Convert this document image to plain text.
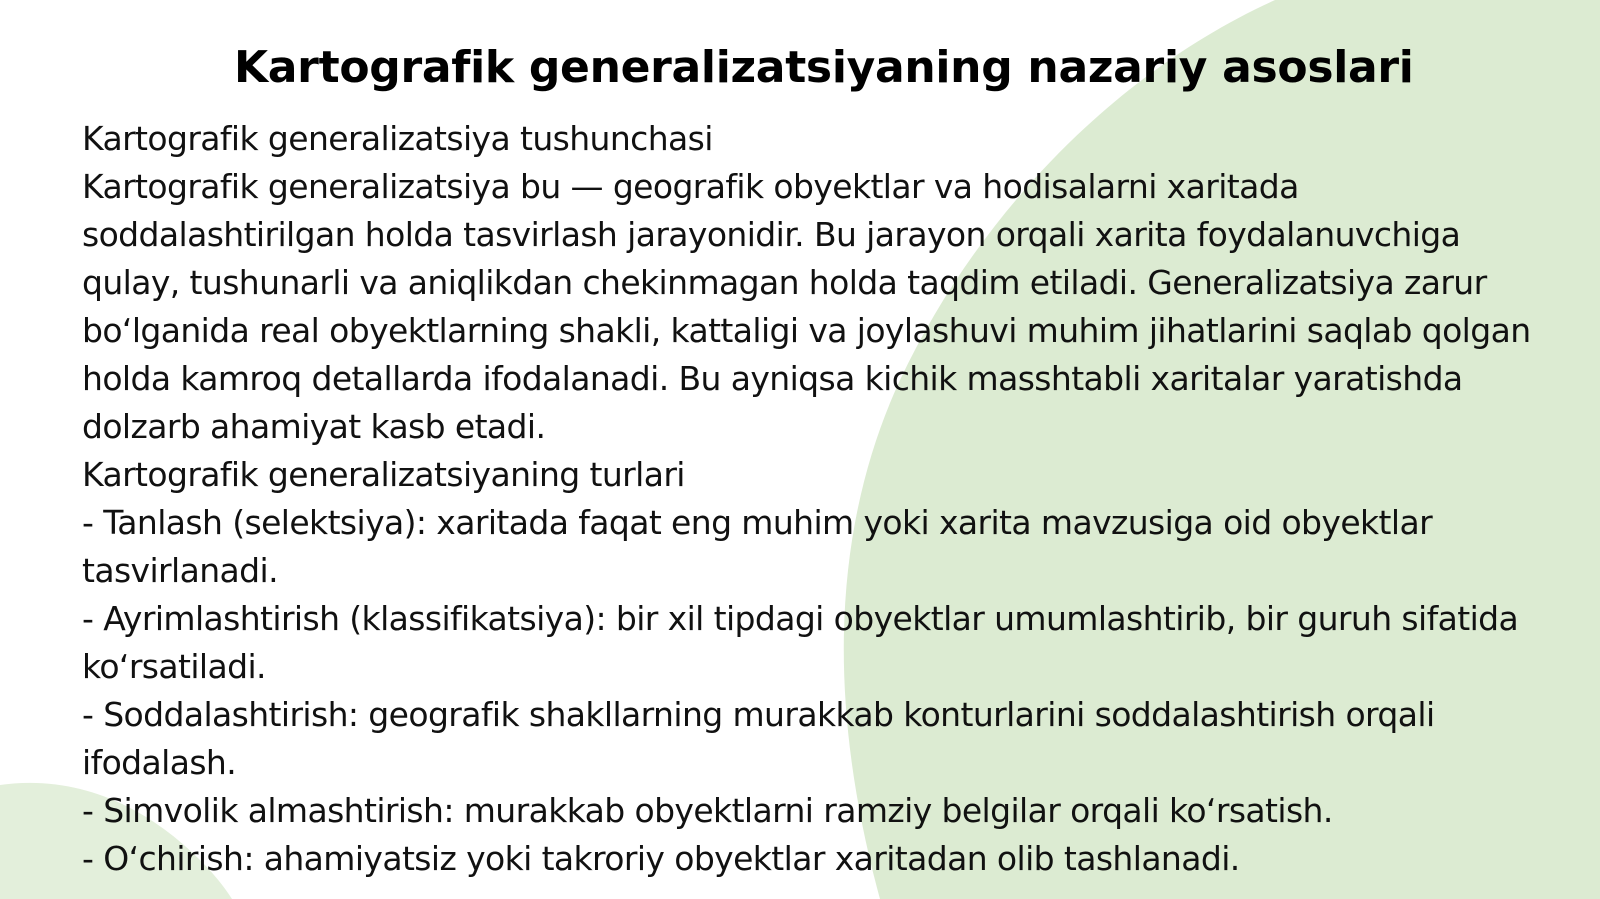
Kartografik generalizatsiyaning nazariy asoslari
Kartografik generalizatsiya tushunchasi
Kartografik generalizatsiya bu — geografik obyektlar va hodisalarni xaritada
soddalashtirilgan holda tasvirlash jarayonidir. Bu jarayon orqali xarita foydalanuvchiga
qulay, tushunarli va aniqlikdan chekinmagan holda taqdim etiladi. Generalizatsiya zarur
boʻlganida real obyektlarning shakli, kattaligi va joylashuvi muhim jihatlarini saqlab qolgan
holda kamroq detallarda ifodalanadi. Bu ayniqsa kichik masshtabli xaritalar yaratishda
dolzarb ahamiyat kasb etadi.
Kartografik generalizatsiyaning turlari
- Tanlash (selektsiya): xaritada faqat eng muhim yoki xarita mavzusiga oid obyektlar
tasvirlanadi.
- Ayrimlashtirish (klassifikatsiya): bir xil tipdagi obyektlar umumlashtirib, bir guruh sifatida
koʻrsatiladi.
- Soddalashtirish: geografik shakllarning murakkab konturlarini soddalashtirish orqali
ifodalash.
- Simvolik almashtirish: murakkab obyektlarni ramziy belgilar orqali koʻrsatish.
- Oʻchirish: ahamiyatsiz yoki takroriy obyektlar xaritadan olib tashlanadi.
